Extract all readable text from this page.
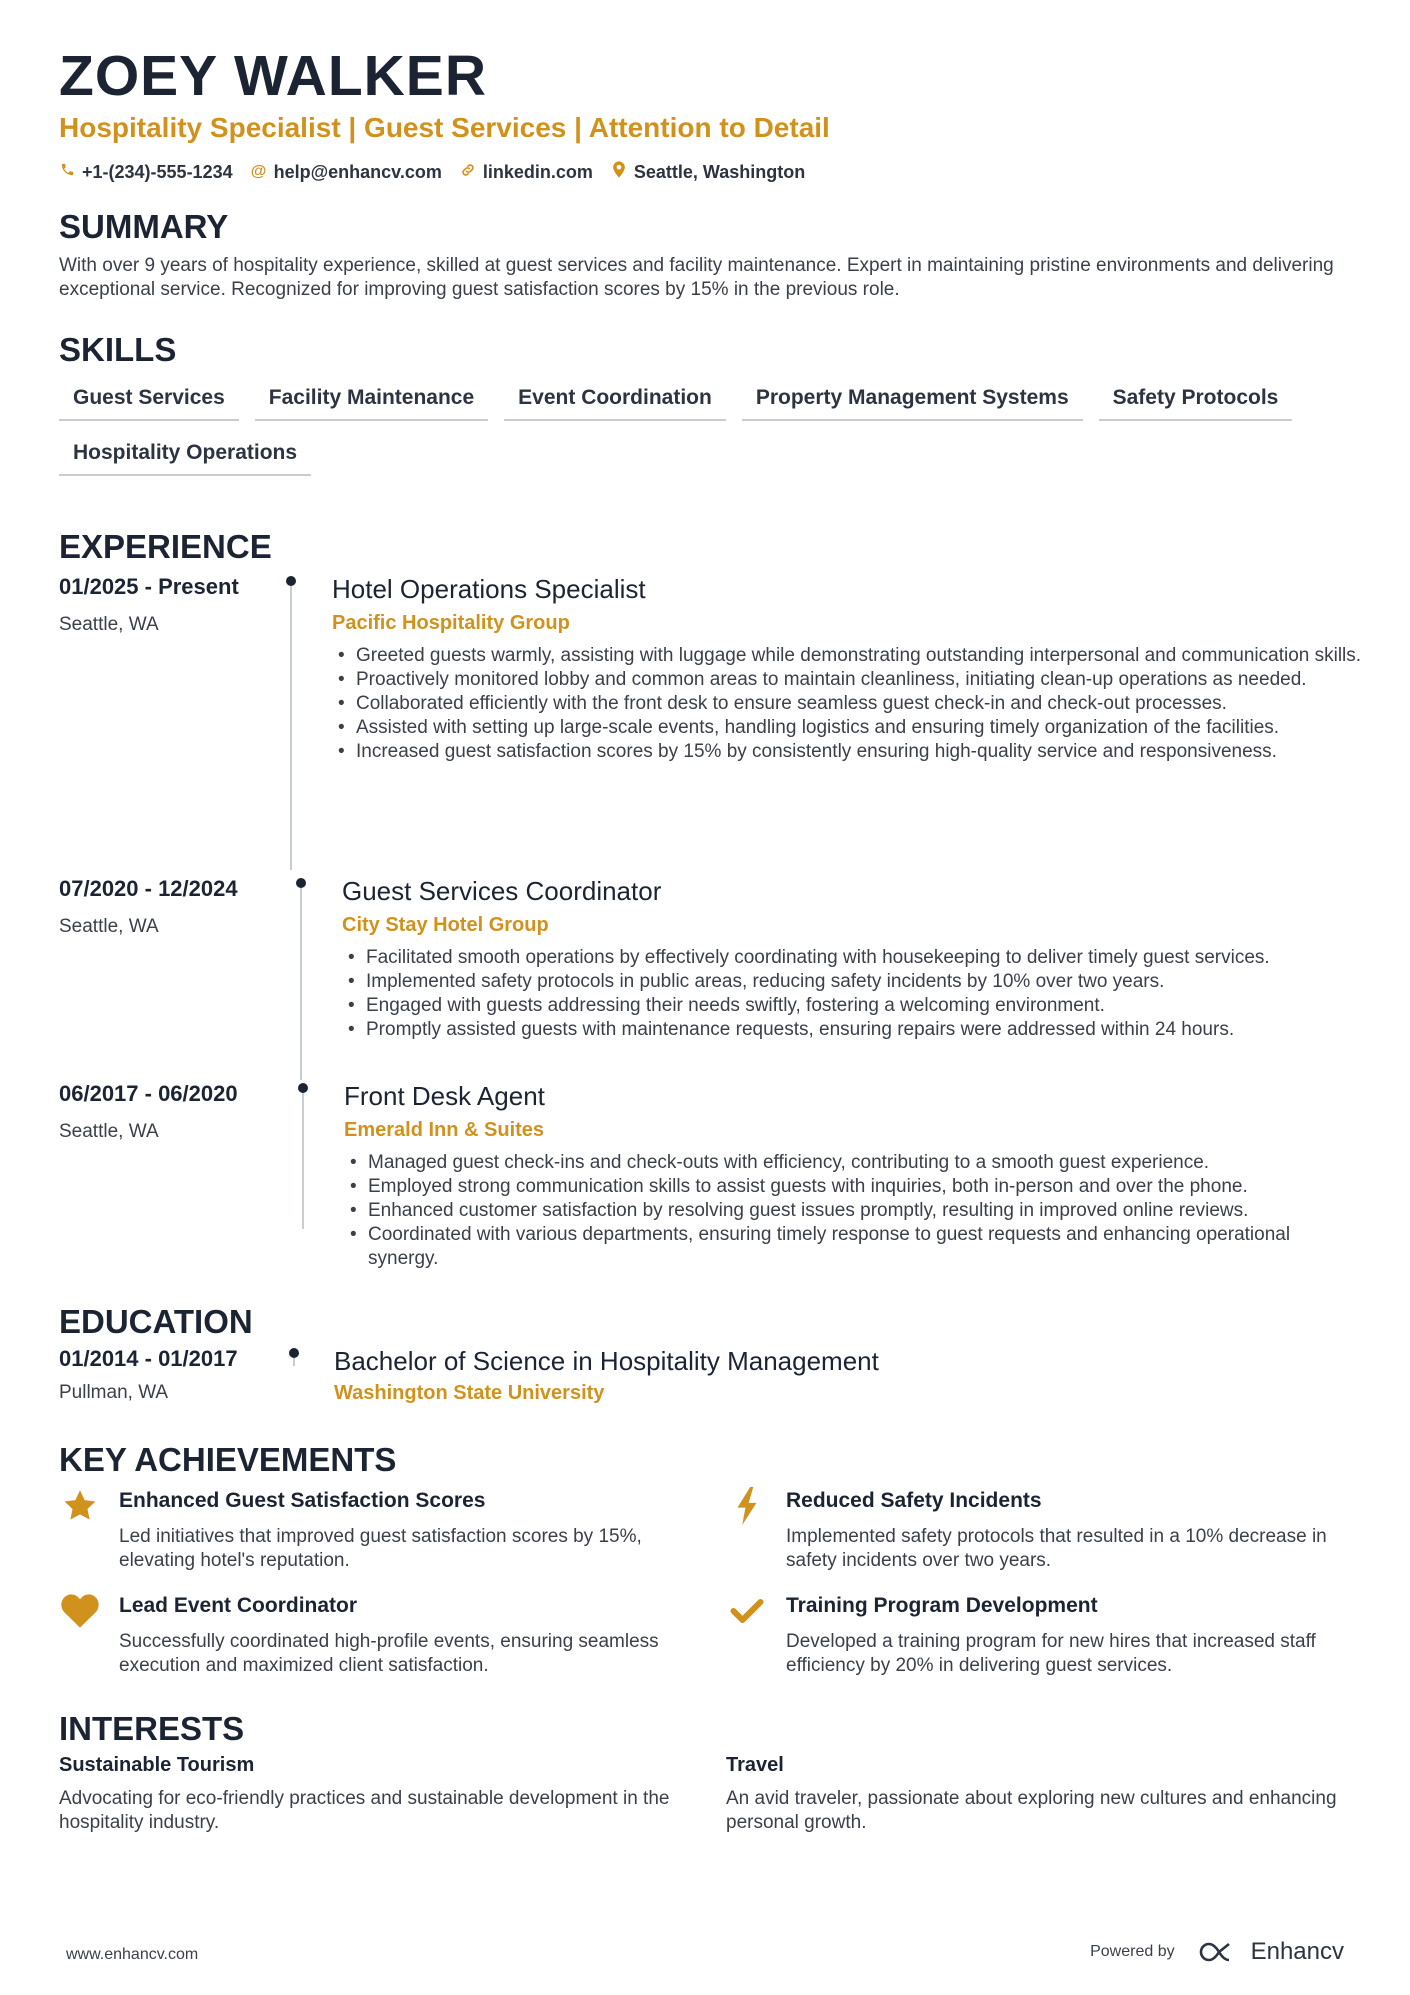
ZOEY WALKER
Hospitality Specialist | Guest Services | Attention to Detail
+1-(234)-555-1234 @ help@enhancv.com linkedin.com Seattle, Washington
SUMMARY
With over 9 years of hospitality experience, skilled at guest services and facility maintenance. Expert in maintaining pristine environments and delivering exceptional service. Recognized for improving guest satisfaction scores by 15% in the previous role.
SKILLS
Guest Services	Facility Maintenance	Event Coordination	Property Management Systems	Safety Protocols
Hospitality Operations
EXPERIENCE
01/2025 - Present
Seattle, WA
Hotel Operations Specialist
Pacific Hospitality Group
• Greeted guests warmly, assisting with luggage while demonstrating outstanding interpersonal and communication skills.
• Proactively monitored lobby and common areas to maintain cleanliness, initiating clean-up operations as needed.
• Collaborated efficiently with the front desk to ensure seamless guest check-in and check-out processes.
• Assisted with setting up large-scale events, handling logistics and ensuring timely organization of the facilities.
• Increased guest satisfaction scores by 15% by consistently ensuring high-quality service and responsiveness.
07/2020 - 12/2024
Seattle, WA
Guest Services Coordinator
City Stay Hotel Group
• Facilitated smooth operations by effectively coordinating with housekeeping to deliver timely guest services.
• Implemented safety protocols in public areas, reducing safety incidents by 10% over two years.
• Engaged with guests addressing their needs swiftly, fostering a welcoming environment.
• Promptly assisted guests with maintenance requests, ensuring repairs were addressed within 24 hours.
06/2017 - 06/2020
Seattle, WA
Front Desk Agent
Emerald Inn & Suites
• Managed guest check-ins and check-outs with efficiency, contributing to a smooth guest experience.
• Employed strong communication skills to assist guests with inquiries, both in-person and over the phone.
• Enhanced customer satisfaction by resolving guest issues promptly, resulting in improved online reviews.
• Coordinated with various departments, ensuring timely response to guest requests and enhancing operational synergy.
EDUCATION
01/2014 - 01/2017
Pullman, WA
Bachelor of Science in Hospitality Management
Washington State University
KEY ACHIEVEMENTS
Enhanced Guest Satisfaction Scores
Led initiatives that improved guest satisfaction scores by 15%, elevating hotel's reputation.
Reduced Safety Incidents
Implemented safety protocols that resulted in a 10% decrease in safety incidents over two years.
Lead Event Coordinator
Successfully coordinated high-profile events, ensuring seamless execution and maximized client satisfaction.
Training Program Development
Developed a training program for new hires that increased staff efficiency by 20% in delivering guest services.
INTERESTS
Sustainable Tourism
Advocating for eco-friendly practices and sustainable development in the hospitality industry.
Travel
An avid traveler, passionate about exploring new cultures and enhancing personal growth.
www.enhancv.com	Powered by	Enhancv
